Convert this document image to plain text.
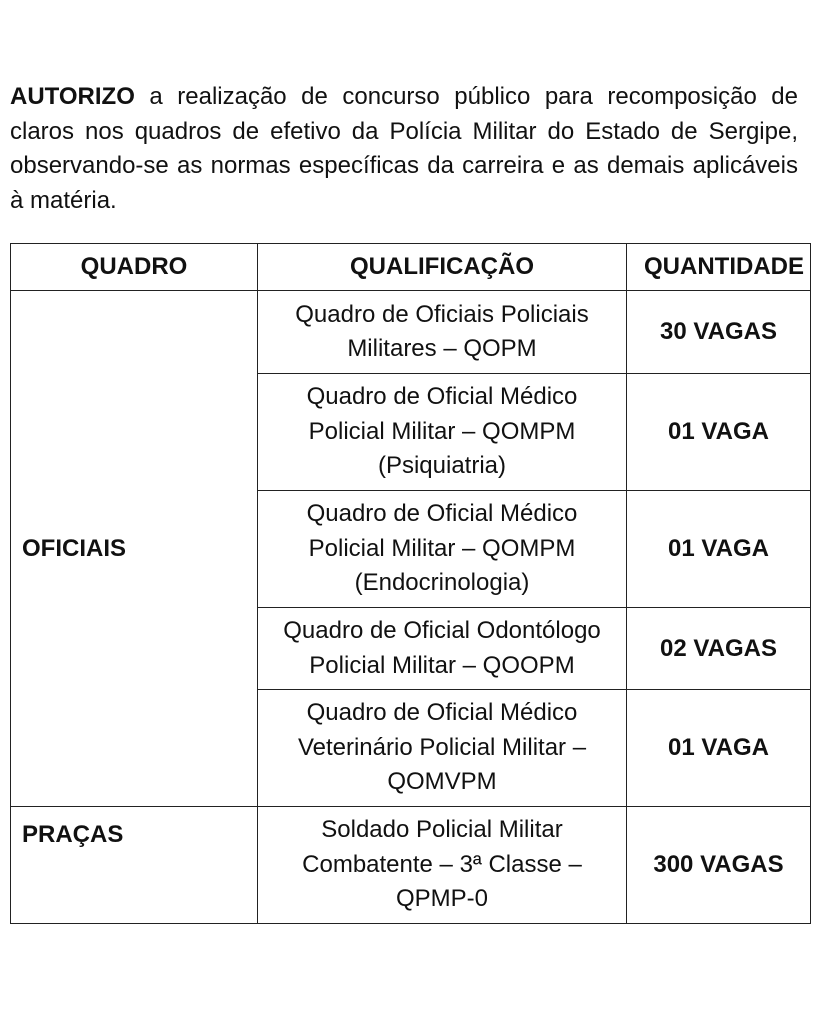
AUTORIZO a realização de concurso público para recomposição de claros nos quadros de efetivo da Polícia Militar do Estado de Sergipe, observando-se as normas específicas da carreira e as demais aplicáveis à matéria.
QUADRO	QUALIFICAÇÃO	QUANTIDADE
OFICIAIS	Quadro de Oficiais Policiais
Militares – QOPM	30 VAGAS

	Quadro de Oficial Médico
Policial Militar – QOMPM
(Psiquiatria)	01 VAGA

	Quadro de Oficial Médico
Policial Militar – QOMPM
(Endocrinologia)	01 VAGA

	Quadro de Oficial Odontólogo
Policial Militar – QOOPM	02 VAGAS

	Quadro de Oficial Médico
Veterinário Policial Militar –
QOMVPM	01 VAGA
PRAÇAS	Soldado Policial Militar
Combatente – 3ª Classe –
QPMP-0	300 VAGAS
